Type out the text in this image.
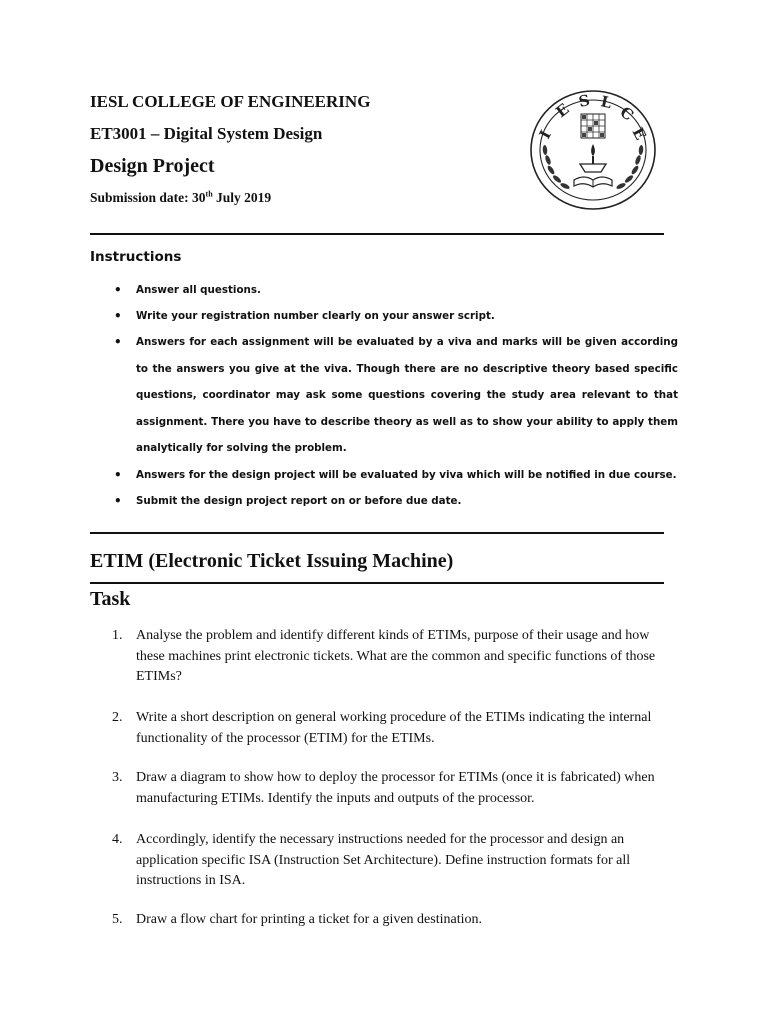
IESL COLLEGE OF ENGINEERING

ET3001 – Digital System Design

Design Project

Submission date: 30th July 2019

I
E S L
C
E
Instructions
• Answer all questions.
• Write your registration number clearly on your answer script.
• Answers for each assignment will be evaluated by a viva and marks will be given according to the answers you give at the viva. Though there are no descriptive theory based specific questions, coordinator may ask some questions covering the study area relevant to that assignment. There you have to describe theory as well as to show your ability to apply them analytically for solving the problem.
• Answers for the design project will be evaluated by viva which will be notified in due course.
• Submit the design project report on or before due date.
ETIM (Electronic Ticket Issuing Machine)
Task
1. Analyse the problem and identify different kinds of ETIMs, purpose of their usage and how these machines print electronic tickets. What are the common and specific functions of those ETIMs?
2. Write a short description on general working procedure of the ETIMs indicating the internal functionality of the processor (ETIM) for the ETIMs.
3. Draw a diagram to show how to deploy the processor for ETIMs (once it is fabricated) when manufacturing ETIMs. Identify the inputs and outputs of the processor.
4. Accordingly, identify the necessary instructions needed for the processor and design an application specific ISA (Instruction Set Architecture). Define instruction formats for all instructions in ISA.
5. Draw a flow chart for printing a ticket for a given destination.
